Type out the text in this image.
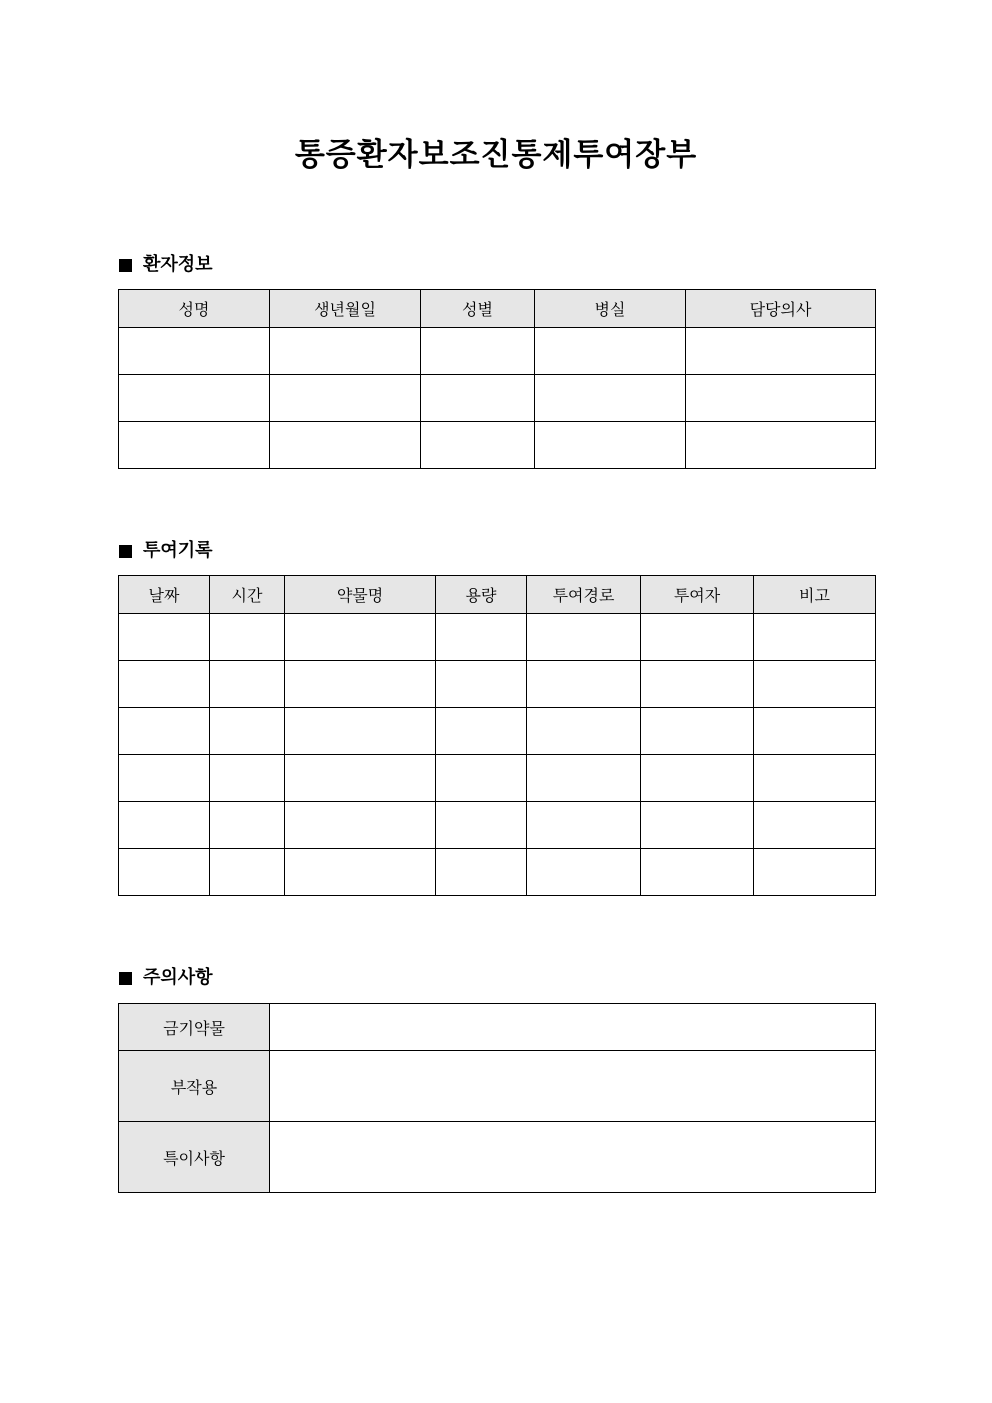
통증환자보조진통제투여장부
환자정보
성명	생년월일	성별	병실	담당의사

투여기록
날짜	시간	약물명	용량	투여경로	투여자	비고

주의사항
금기약물	
부작용	
특이사항	
